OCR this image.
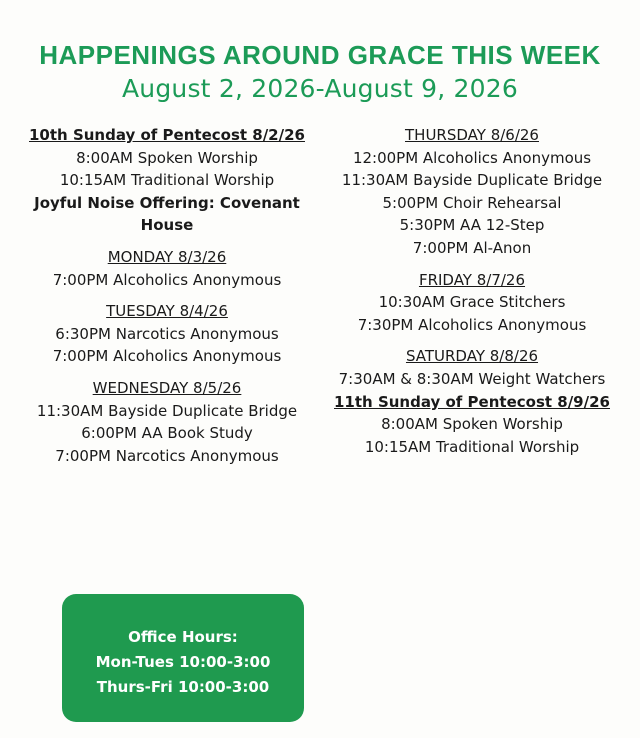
HAPPENINGS AROUND GRACE THIS WEEK
August 2, 2026-August 9, 2026
10th Sunday of Pentecost 8/2/26
8:00AM Spoken Worship
10:15AM Traditional Worship
Joyful Noise Offering: Covenant
House
MONDAY 8/3/26
7:00PM Alcoholics Anonymous
TUESDAY 8/4/26
6:30PM Narcotics Anonymous
7:00PM Alcoholics Anonymous
WEDNESDAY 8/5/26
11:30AM Bayside Duplicate Bridge
6:00PM AA Book Study
7:00PM Narcotics Anonymous
THURSDAY 8/6/26
12:00PM Alcoholics Anonymous
11:30AM Bayside Duplicate Bridge
5:00PM Choir Rehearsal
5:30PM AA 12-Step
7:00PM Al-Anon
FRIDAY 8/7/26
10:30AM Grace Stitchers
7:30PM Alcoholics Anonymous
SATURDAY 8/8/26
7:30AM & 8:30AM Weight Watchers
11th Sunday of Pentecost 8/9/26
8:00AM Spoken Worship
10:15AM Traditional Worship
Office Hours:
Mon-Tues 10:00-3:00
Thurs-Fri 10:00-3:00
